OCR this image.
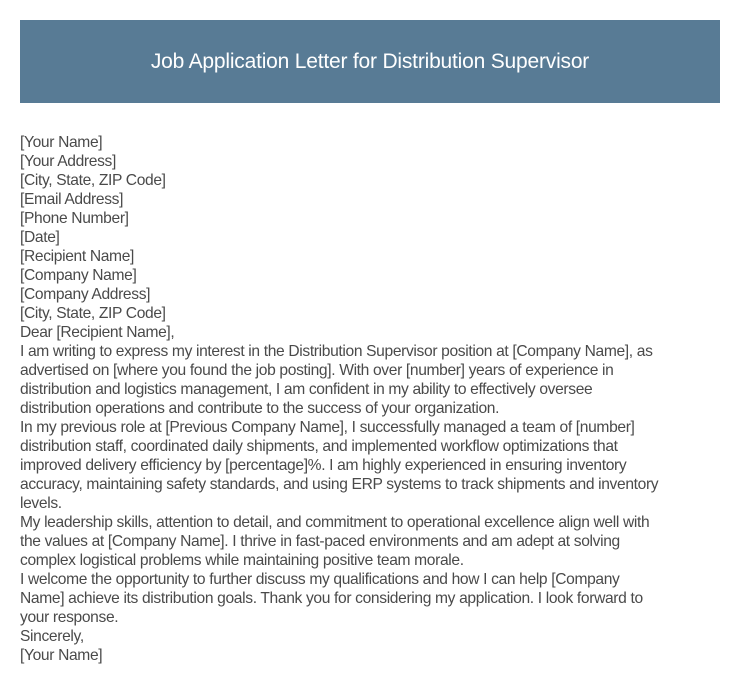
Job Application Letter for Distribution Supervisor
[Your Name]
[Your Address]
[City, State, ZIP Code]
[Email Address]
[Phone Number]
[Date]
[Recipient Name]
[Company Name]
[Company Address]
[City, State, ZIP Code]
Dear [Recipient Name],
I am writing to express my interest in the Distribution Supervisor position at [Company Name], as
advertised on [where you found the job posting]. With over [number] years of experience in
distribution and logistics management, I am confident in my ability to effectively oversee
distribution operations and contribute to the success of your organization.
In my previous role at [Previous Company Name], I successfully managed a team of [number]
distribution staff, coordinated daily shipments, and implemented workflow optimizations that
improved delivery efficiency by [percentage]%. I am highly experienced in ensuring inventory
accuracy, maintaining safety standards, and using ERP systems to track shipments and inventory
levels.
My leadership skills, attention to detail, and commitment to operational excellence align well with
the values at [Company Name]. I thrive in fast-paced environments and am adept at solving
complex logistical problems while maintaining positive team morale.
I welcome the opportunity to further discuss my qualifications and how I can help [Company
Name] achieve its distribution goals. Thank you for considering my application. I look forward to
your response.
Sincerely,
[Your Name]
